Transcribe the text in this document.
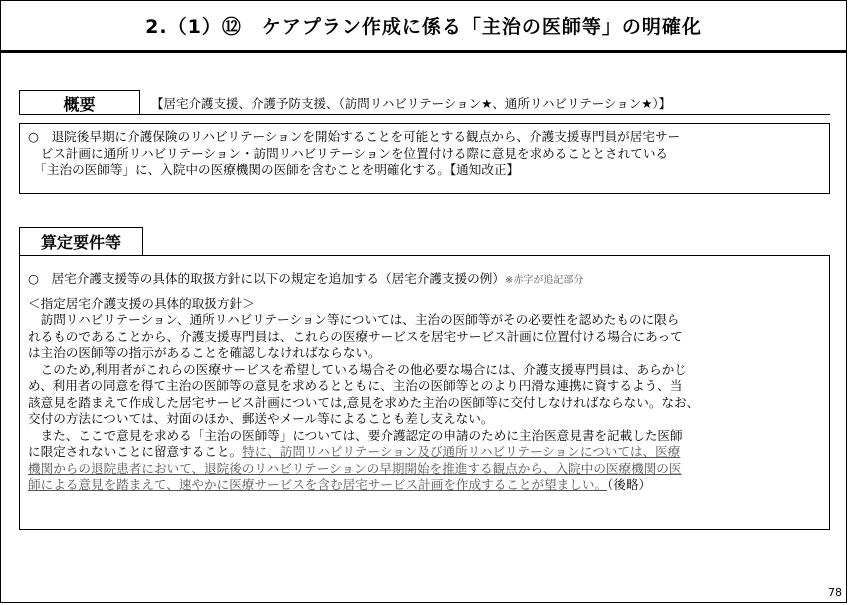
2.（1）⑫　ケアプラン作成に係る「主治の医師等」の明確化
概要	【居宅介護支援、介護予防支援、（訪問リハビリテーション★、通所リハビリテーション★）】

○　退院後早期に介護保険のリハビリテーションを開始することを可能とする観点から、介護支援専門員が居宅サー

　ビス計画に通所リハビリテーション・訪問リハビリテーションを位置付ける際に意見を求めることとされている

　「主治の医師等」に、入院中の医療機関の医師を含むことを明確化する。【通知改正】

算定要件等

○　居宅介護支援等の具体的取扱方針に以下の規定を追加する（居宅介護支援の例）※赤字が追記部分

＜指定居宅介護支援の具体的取扱方針＞

　訪問リハビリテーション、通所リハビリテーション等については、主治の医師等がその必要性を認めたものに限ら

れるものであることから、介護支援専門員は、これらの医療サービスを居宅サービス計画に位置付ける場合にあって

は主治の医師等の指示があることを確認しなければならない。

　このため,利用者がこれらの医療サービスを希望している場合その他必要な場合には、介護支援専門員は、あらかじ

め、利用者の同意を得て主治の医師等の意見を求めるとともに、主治の医師等とのより円滑な連携に資するよう、当

該意見を踏まえて作成した居宅サービス計画については,意見を求めた主治の医師等に交付しなければならない。なお、

交付の方法については、対面のほか、郵送やメール等によることも差し支えない。

　また、ここで意見を求める「主治の医師等」については、要介護認定の申請のために主治医意見書を記載した医師

に限定されないことに留意すること。特に、訪問リハビリテーション及び通所リハビリテーションについては、医療

機関からの退院患者において、退院後のリハビリテーションの早期開始を推進する観点から、入院中の医療機関の医

師による意見を踏まえて、速やかに医療サービスを含む居宅サービス計画を作成することが望ましい。（後略）

78
